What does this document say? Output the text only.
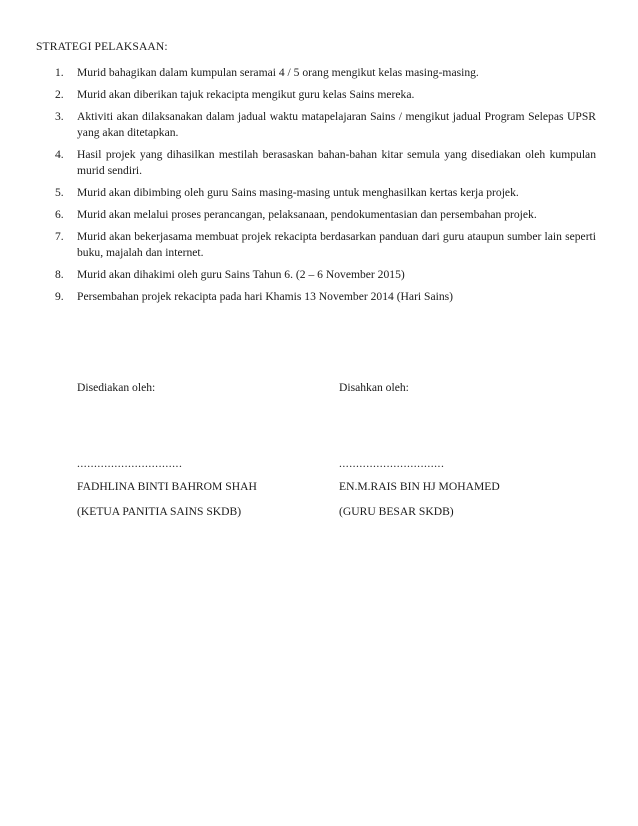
STRATEGI PELAKSAAN:
1. Murid bahagikan dalam kumpulan seramai 4 / 5 orang mengikut kelas masing-masing.
2. Murid akan diberikan tajuk rekacipta mengikut guru kelas Sains mereka.
3. Aktiviti akan dilaksanakan dalam jadual waktu matapelajaran Sains / mengikut jadual Program Selepas UPSR yang akan ditetapkan.
4. Hasil projek yang dihasilkan mestilah berasaskan bahan-bahan kitar semula yang disediakan oleh kumpulan murid sendiri.
5. Murid akan dibimbing oleh guru Sains masing-masing untuk menghasilkan kertas kerja projek.
6. Murid akan melalui proses perancangan, pelaksanaan, pendokumentasian dan persembahan projek.
7. Murid akan bekerjasama membuat projek rekacipta berdasarkan panduan dari guru ataupun sumber lain seperti buku, majalah dan internet.
8. Murid akan dihakimi oleh guru Sains Tahun 6. (2 – 6 November 2015)
9. Persembahan projek rekacipta pada hari Khamis 13 November 2014 (Hari Sains)
Disediakan oleh:
...............................
FADHLINA BINTI BAHROM SHAH
(KETUA PANITIA SAINS SKDB)
Disahkan oleh:
...............................
EN.M.RAIS BIN HJ MOHAMED
(GURU BESAR SKDB)
